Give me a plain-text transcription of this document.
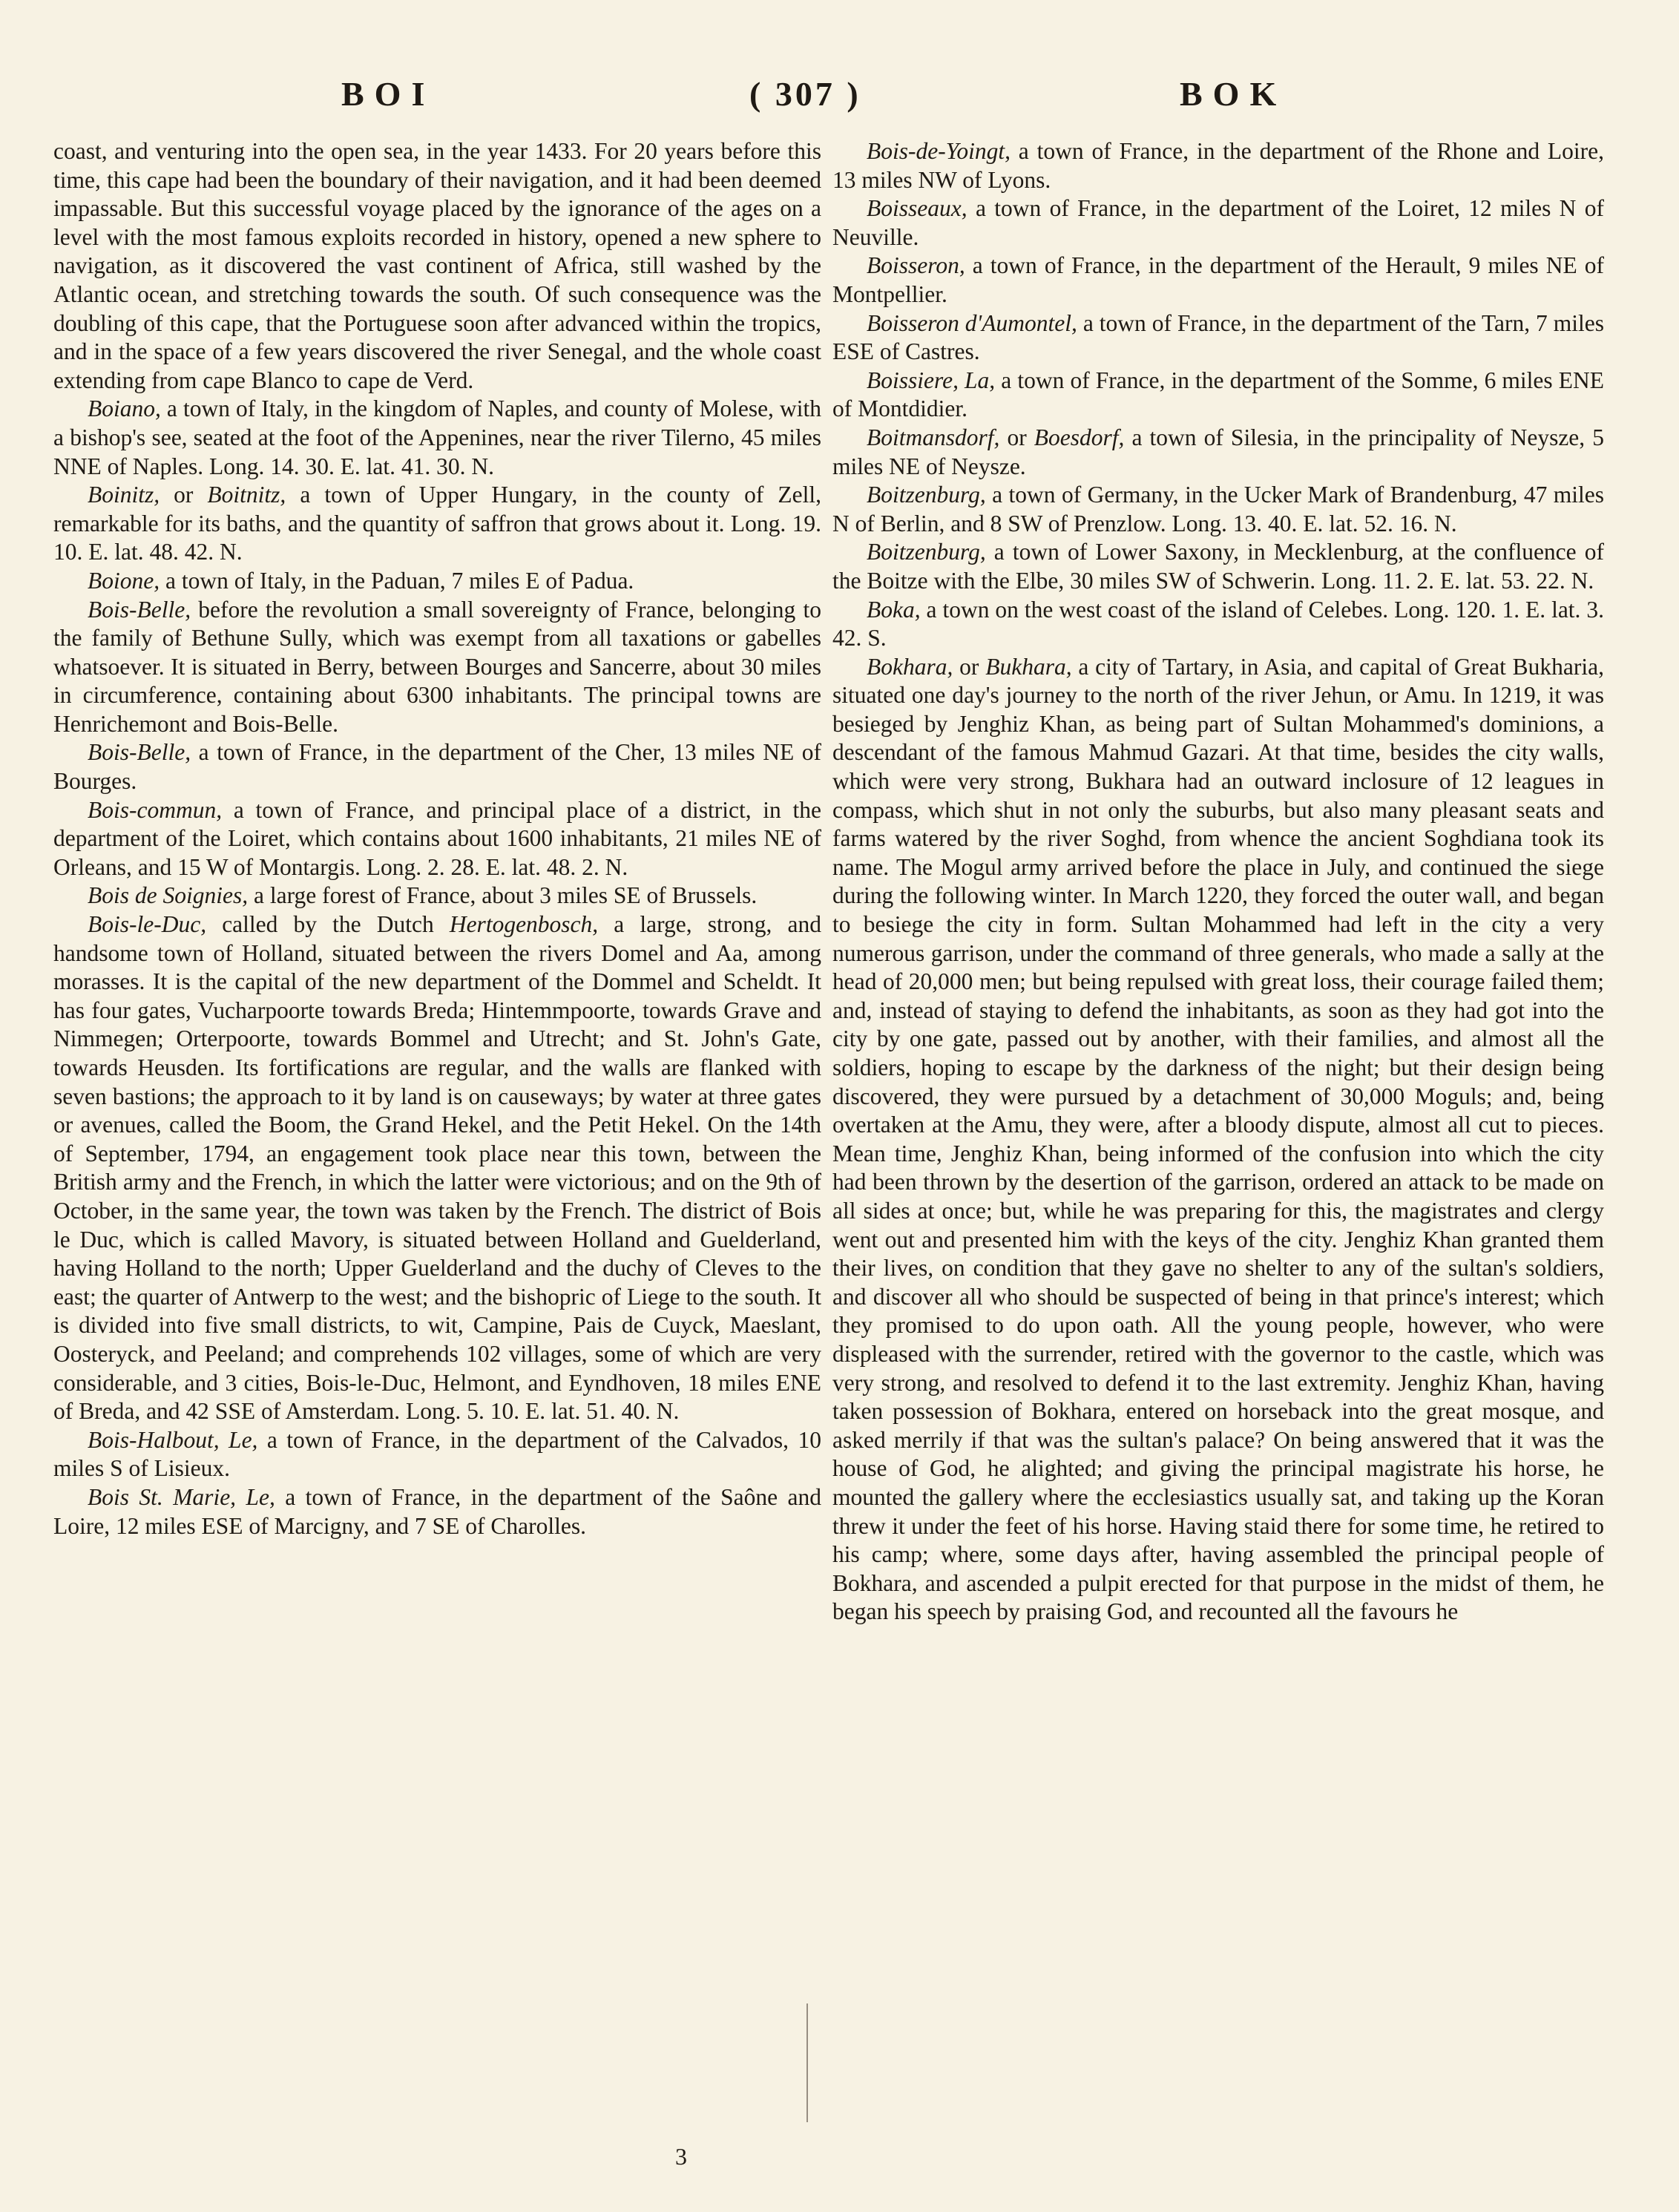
BOI	( 307 )	BOK

coast, and venturing into the open sea, in the year 1433. For 20 years before this time, this cape had been the boundary of their navigation, and it had been deemed impassable. But this successful voyage placed by the ignorance of the ages on a level with the most famous exploits recorded in history, opened a new sphere to navigation, as it discovered the vast continent of Africa, still washed by the Atlantic ocean, and stretching towards the south. Of such consequence was the doubling of this cape, that the Portuguese soon after advanced within the tropics, and in the space of a few years discovered the river Senegal, and the whole coast extending from cape Blanco to cape de Verd.

Boiano, a town of Italy, in the kingdom of Naples, and county of Molese, with a bishop's see, seated at the foot of the Appenines, near the river Tilerno, 45 miles NNE of Naples. Long. 14. 30. E. lat. 41. 30. N.

Boinitz, or Boitnitz, a town of Upper Hungary, in the county of Zell, remarkable for its baths, and the quantity of saffron that grows about it. Long. 19. 10. E. lat. 48. 42. N.

Boione, a town of Italy, in the Paduan, 7 miles E of Padua.

Bois-Belle, before the revolution a small sovereignty of France, belonging to the family of Bethune Sully, which was exempt from all taxations or gabelles whatsoever. It is situated in Berry, between Bourges and Sancerre, about 30 miles in circumference, containing about 6300 inhabitants. The principal towns are Henrichemont and Bois-Belle.

Bois-Belle, a town of France, in the department of the Cher, 13 miles NE of Bourges.

Bois-commun, a town of France, and principal place of a district, in the department of the Loiret, which contains about 1600 inhabitants, 21 miles NE of Orleans, and 15 W of Montargis. Long. 2. 28. E. lat. 48. 2. N.

Bois de Soignies, a large forest of France, about 3 miles SE of Brussels.

Bois-le-Duc, called by the Dutch Hertogenbosch, a large, strong, and handsome town of Holland, situated between the rivers Domel and Aa, among morasses. It is the capital of the new department of the Dommel and Scheldt. It has four gates, Vucharpoorte towards Breda; Hintemmpoorte, towards Grave and Nimmegen; Orterpoorte, towards Bommel and Utrecht; and St. John's Gate, towards Heusden. Its fortifications are regular, and the walls are flanked with seven bastions; the approach to it by land is on causeways; by water at three gates or avenues, called the Boom, the Grand Hekel, and the Petit Hekel. On the 14th of September, 1794, an engagement took place near this town, between the British army and the French, in which the latter were victorious; and on the 9th of October, in the same year, the town was taken by the French. The district of Bois le Duc, which is called Mavory, is situated between Holland and Guelderland, having Holland to the north; Upper Guelderland and the duchy of Cleves to the east; the quarter of Antwerp to the west; and the bishopric of Liege to the south. It is divided into five small districts, to wit, Campine, Pais de Cuyck, Maeslant, Oosteryck, and Peeland; and comprehends 102 villages, some of which are very considerable, and 3 cities, Bois-le-Duc, Helmont, and Eyndhoven, 18 miles ENE of Breda, and 42 SSE of Amsterdam. Long. 5. 10. E. lat. 51. 40. N.

Bois-Halbout, Le, a town of France, in the department of the Calvados, 10 miles S of Lisieux.

Bois St. Marie, Le, a town of France, in the department of the Saône and Loire, 12 miles ESE of Marcigny, and 7 SE of Charolles.

Bois-de-Yoingt, a town of France, in the department of the Rhone and Loire, 13 miles NW of Lyons.

Boisseaux, a town of France, in the department of the Loiret, 12 miles N of Neuville.

Boisseron, a town of France, in the department of the Herault, 9 miles NE of Montpellier.

Boisseron d'Aumontel, a town of France, in the department of the Tarn, 7 miles ESE of Castres.

Boissiere, La, a town of France, in the department of the Somme, 6 miles ENE of Montdidier.

Boitmansdorf, or Boesdorf, a town of Silesia, in the principality of Neysze, 5 miles NE of Neysze.

Boitzenburg, a town of Germany, in the Ucker Mark of Brandenburg, 47 miles N of Berlin, and 8 SW of Prenzlow. Long. 13. 40. E. lat. 52. 16. N.

Boitzenburg, a town of Lower Saxony, in Mecklenburg, at the confluence of the Boitze with the Elbe, 30 miles SW of Schwerin. Long. 11. 2. E. lat. 53. 22. N.

Boka, a town on the west coast of the island of Celebes. Long. 120. 1. E. lat. 3. 42. S.

Bokhara, or Bukhara, a city of Tartary, in Asia, and capital of Great Bukharia, situated one day's journey to the north of the river Jehun, or Amu. In 1219, it was besieged by Jenghiz Khan, as being part of Sultan Mohammed's dominions, a descendant of the famous Mahmud Gazari. At that time, besides the city walls, which were very strong, Bukhara had an outward inclosure of 12 leagues in compass, which shut in not only the suburbs, but also many pleasant seats and farms watered by the river Soghd, from whence the ancient Soghdiana took its name. The Mogul army arrived before the place in July, and continued the siege during the following winter. In March 1220, they forced the outer wall, and began to besiege the city in form. Sultan Mohammed had left in the city a very numerous garrison, under the command of three generals, who made a sally at the head of 20,000 men; but being repulsed with great loss, their courage failed them; and, instead of staying to defend the inhabitants, as soon as they had got into the city by one gate, passed out by another, with their families, and almost all the soldiers, hoping to escape by the darkness of the night; but their design being discovered, they were pursued by a detachment of 30,000 Moguls; and, being overtaken at the Amu, they were, after a bloody dispute, almost all cut to pieces. Mean time, Jenghiz Khan, being informed of the confusion into which the city had been thrown by the desertion of the garrison, ordered an attack to be made on all sides at once; but, while he was preparing for this, the magistrates and clergy went out and presented him with the keys of the city. Jenghiz Khan granted them their lives, on condition that they gave no shelter to any of the sultan's soldiers, and discover all who should be suspected of being in that prince's interest; which they promised to do upon oath. All the young people, however, who were displeased with the surrender, retired with the governor to the castle, which was very strong, and resolved to defend it to the last extremity. Jenghiz Khan, having taken possession of Bokhara, entered on horseback into the great mosque, and asked merrily if that was the sultan's palace? On being answered that it was the house of God, he alighted; and giving the principal magistrate his horse, he mounted the gallery where the ecclesiastics usually sat, and taking up the Koran threw it under the feet of his horse. Having staid there for some time, he retired to his camp; where, some days after, having assembled the principal people of Bokhara, and ascended a pulpit erected for that purpose in the midst of them, he began his speech by praising God, and recounted all the favours he

3
